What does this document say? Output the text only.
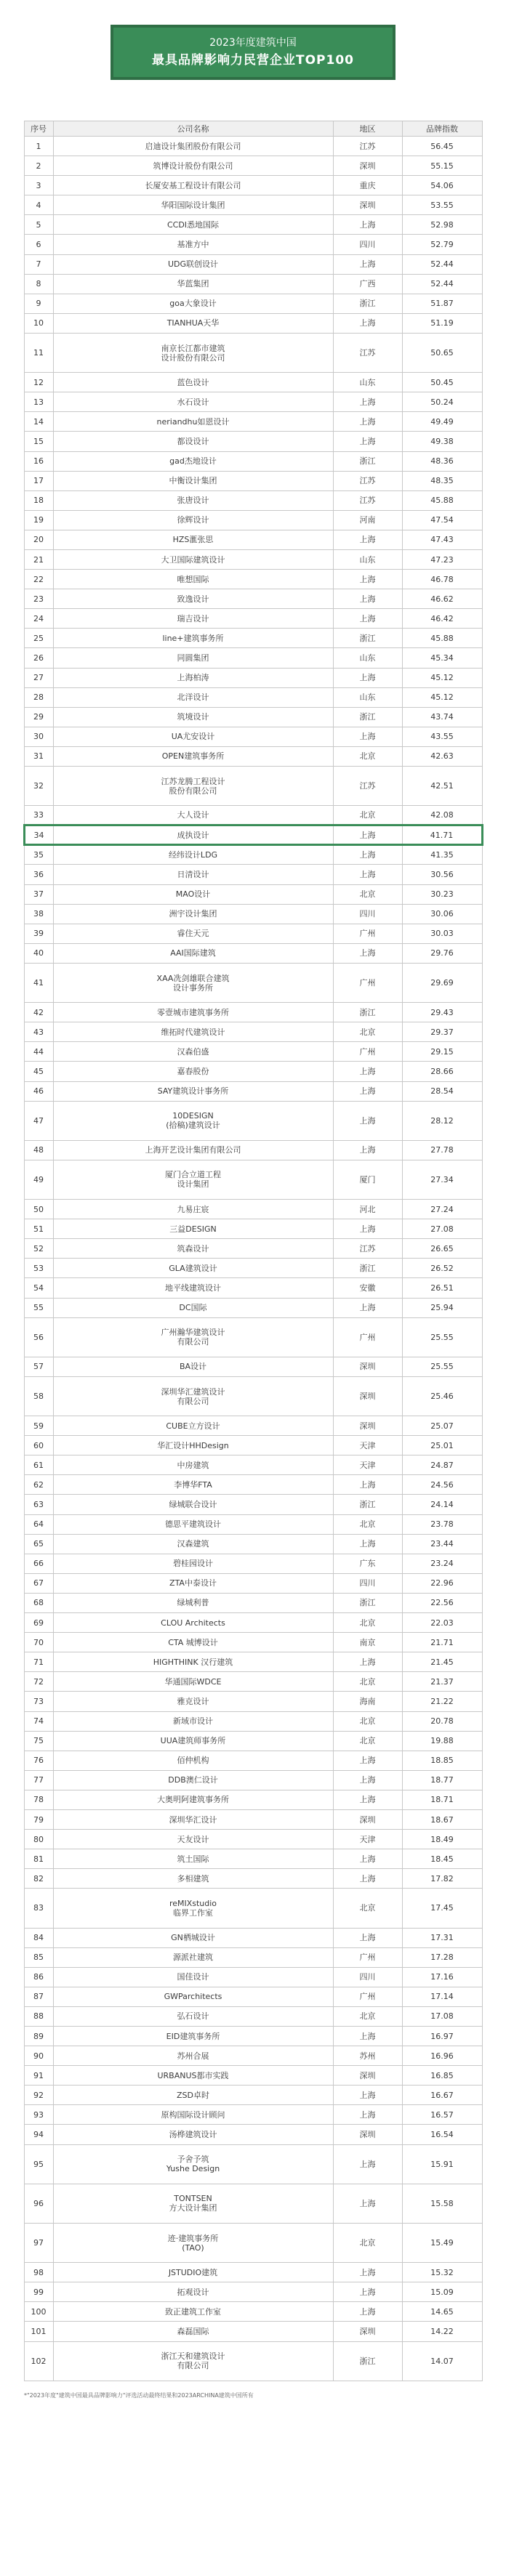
2023年度建筑中国
最具品牌影响力民营企业TOP100
序号	公司名称	地区	品牌指数
1	启迪设计集团股份有限公司	江苏	56.45
2	筑博设计股份有限公司	深圳	55.15
3	长厦安基工程设计有限公司	重庆	54.06
4	华阳国际设计集团	深圳	53.55
5	CCDI悉地国际	上海	52.98
6	基准方中	四川	52.79
7	UDG联创设计	上海	52.44
8	华蓝集团	广西	52.44
9	goa大象设计	浙江	51.87
10	TIANHUA天华	上海	51.19
11	南京长江都市建筑
设计股份有限公司	江苏	50.65
12	蓝色设计	山东	50.45
13	水石设计	上海	50.24
14	neriandhu如恩设计	上海	49.49
15	都设设计	上海	49.38
16	gad杰地设计	浙江	48.36
17	中衡设计集团	江苏	48.35
18	张唐设计	江苏	45.88
19	徐辉设计	河南	47.54
20	HZS滙张思	上海	47.43
21	大卫国际建筑设计	山东	47.23
22	唯想国际	上海	46.78
23	致逸设计	上海	46.62
24	瑞吉设计	上海	46.42
25	line+建筑事务所	浙江	45.88
26	同圆集团	山东	45.34
27	上海柏涛	上海	45.12
28	北洋设计	山东	45.12
29	筑境设计	浙江	43.74
30	UA尤安设计	上海	43.55
31	OPEN建筑事务所	北京	42.63
32	江苏龙腾工程设计
股份有限公司	江苏	42.51
33	大人设计	北京	42.08
34	成执设计	上海	41.71
35	经纬设计LDG	上海	41.35
36	日清设计	上海	30.56
37	MAO设计	北京	30.23
38	洲宇设计集团	四川	30.06
39	睿住天元	广州	30.03
40	AAI国际建筑	上海	29.76
41	XAA冼剑雄联合建筑
设计事务所	广州	29.69
42	零壹城市建筑事务所	浙江	29.43
43	维拓时代建筑设计	北京	29.37
44	汉森伯盛	广州	29.15
45	嘉春股份	上海	28.66
46	SAY建筑设计事务所	上海	28.54
47	10DESIGN
(拾稿)建筑设计	上海	28.12
48	上海开艺设计集团有限公司	上海	27.78
49	厦门合立道工程
设计集团	厦门	27.34
50	九易庄宸	河北	27.24
51	三益DESIGN	上海	27.08
52	筑森设计	江苏	26.65
53	GLA建筑设计	浙江	26.52
54	地平线建筑设计	安徽	26.51
55	DC国际	上海	25.94
56	广州瀚华建筑设计
有限公司	广州	25.55
57	BA设计	深圳	25.55
58	深圳华汇建筑设计
有限公司	深圳	25.46
59	CUBE立方设计	深圳	25.07
60	华汇设计HHDesign	天津	25.01
61	中房建筑	天津	24.87
62	李博华FTA	上海	24.56
63	绿城联合设计	浙江	24.14
64	德思平建筑设计	北京	23.78
65	汉森建筑	上海	23.44
66	碧桂园设计	广东	23.24
67	ZTA中泰设计	四川	22.96
68	绿城利普	浙江	22.56
69	CLOU Architects	北京	22.03
70	CTA 城博设计	南京	21.71
71	HIGHTHINK 汉行建筑	上海	21.45
72	华通国际WDCE	北京	21.37
73	雅克设计	海南	21.22
74	新域市设计	北京	20.78
75	UUA建筑师事务所	北京	19.88
76	佰仲机构	上海	18.85
77	DDB澳仁设计	上海	18.77
78	大奥明阿建筑事务所	上海	18.71
79	深圳华汇设计	深圳	18.67
80	天友设计	天津	18.49
81	筑土国际	上海	18.45
82	多相建筑	上海	17.82
83	reMIXstudio
临界工作室	北京	17.45
84	GN栖城设计	上海	17.31
85	源派社建筑	广州	17.28
86	国佳设计	四川	17.16
87	GWParchitects	广州	17.14
88	弘石设计	北京	17.08
89	EID建筑事务所	上海	16.97
90	苏州合展	苏州	16.96
91	URBANUS都市实践	深圳	16.85
92	ZSD卓时	上海	16.67
93	原构国际设计顾问	上海	16.57
94	汤桦建筑设计	深圳	16.54
95	予舍予筑
Yushe Design	上海	15.91
96	TONTSEN
方大设计集团	上海	15.58
97	迹·建筑事务所
(TAO)	北京	15.49
98	JSTUDIO建筑	上海	15.32
99	拓观设计	上海	15.09
100	致正建筑工作室	上海	14.65
101	森磊国际	深圳	14.22
102	浙江天和建筑设计
有限公司	浙江	14.07
*"2023年度"建筑中国最具品牌影响力"评选活动最终结果和2023ARCHINA建筑中国所有
